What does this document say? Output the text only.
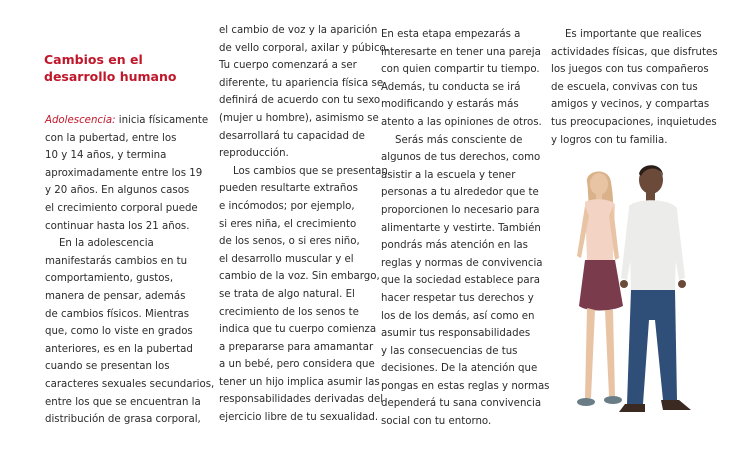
Cambios en el desarrollo humano

Adolescencia: inicia físicamente

con la pubertad, entre los

10 y 14 años, y termina

aproximadamente entre los 19

y 20 años. En algunos casos

el crecimiento corporal puede

continuar hasta los 21 años.

En la adolescencia

manifestarás cambios en tu

comportamiento, gustos,

manera de pensar, además

de cambios físicos. Mientras

que, como lo viste en grados

anteriores, es en la pubertad

cuando se presentan los

caracteres sexuales secundarios,

entre los que se encuentran la

distribución de grasa corporal,

el cambio de voz y la aparición

de vello corporal, axilar y púbico.

Tu cuerpo comenzará a ser

diferente, tu apariencia física se

definirá de acuerdo con tu sexo

(mujer u hombre), asimismo se

desarrollará tu capacidad de

reproducción.

Los cambios que se presentan

pueden resultarte extraños

e incómodos; por ejemplo,

si eres niña, el crecimiento

de los senos, o si eres niño,

el desarrollo muscular y el

cambio de la voz. Sin embargo,

se trata de algo natural. El

crecimiento de los senos te

indica que tu cuerpo comienza

a prepararse para amamantar

a un bebé, pero considera que

tener un hijo implica asumir las

responsabilidades derivadas del

ejercicio libre de tu sexualidad.

En esta etapa empezarás a

interesarte en tener una pareja

con quien compartir tu tiempo.

Además, tu conducta se irá

modificando y estarás más

atento a las opiniones de otros.

Serás más consciente de

algunos de tus derechos, como

asistir a la escuela y tener

personas a tu alrededor que te

proporcionen lo necesario para

alimentarte y vestirte. También

pondrás más atención en las

reglas y normas de convivencia

que la sociedad establece para

hacer respetar tus derechos y

los de los demás, así como en

asumir tus responsabilidades

y las consecuencias de tus

decisiones. De la atención que

pongas en estas reglas y normas

dependerá tu sana convivencia

social con tu entorno.

Es importante que realices

actividades físicas, que disfrutes

los juegos con tus compañeros

de escuela, convivas con tus

amigos y vecinos, y compartas

tus preocupaciones, inquietudes

y logros con tu familia.
